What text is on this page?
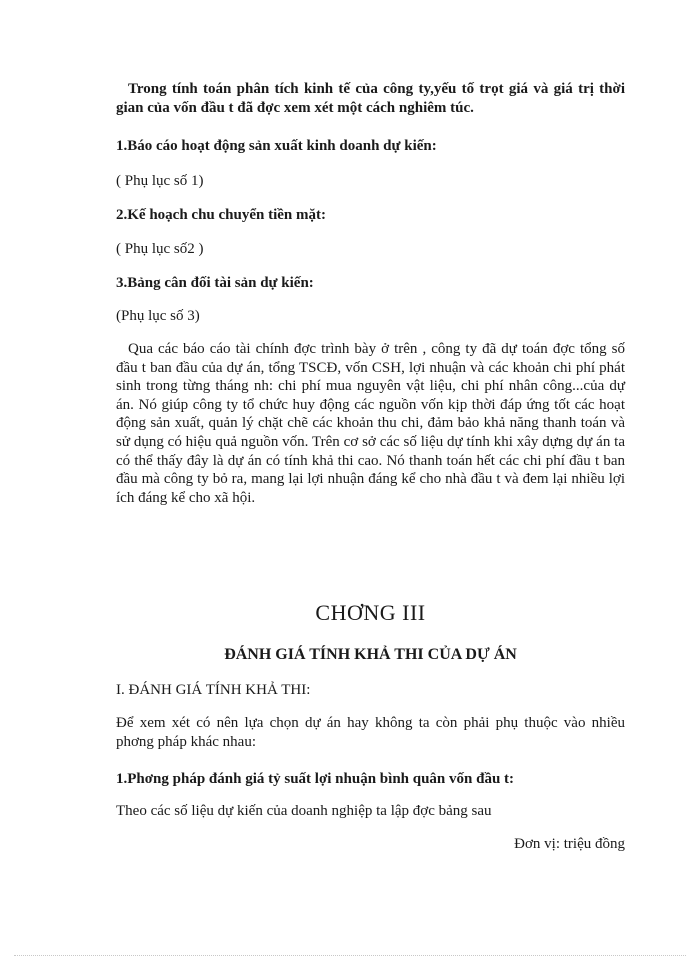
Trong tính toán phân tích kinh tế của công ty,yếu tố trọt giá và giá trị thời gian của vốn đầu t đã đợc xem xét một cách nghiêm túc.
1.Báo cáo hoạt động sản xuất kinh doanh dự kiến:
( Phụ lục số 1)
2.Kế hoạch chu chuyển tiền mặt:
( Phụ lục số2 )
3.Bảng cân đối tài sản dự kiến:
(Phụ lục số 3)
Qua các báo cáo tài chính đợc trình bày ở trên , công ty đã dự toán đợc tổng số đầu t ban đầu của dự án, tổng TSCĐ, vốn CSH, lợi nhuận và các khoản chi phí phát sinh trong từng tháng nh: chi phí mua nguyên vật liệu, chi phí nhân công...của dự án. Nó giúp công ty tổ chức huy động các nguồn vốn kịp thời đáp ứng tốt các hoạt động sản xuất, quản lý chặt chẽ các khoản thu chi, đảm bảo khả năng thanh toán và sử dụng có hiệu quả nguồn vốn. Trên cơ sở các số liệu dự tính khi xây dựng dự án ta có thể thấy đây là dự án có tính khả thi cao. Nó thanh toán hết các chi phí đầu t ban đầu mà công ty bỏ ra, mang lại lợi nhuận đáng kể cho nhà đầu t và đem lại nhiều lợi ích đáng kể cho xã hội.
CHƠNG III
ĐÁNH GIÁ TÍNH KHẢ THI CỦA DỰ ÁN
I. ĐÁNH GIÁ TÍNH KHẢ THI:
Để xem xét có nên lựa chọn dự án hay không ta còn phải phụ thuộc vào nhiều phơng pháp khác nhau:
1.Phơng pháp đánh giá tỷ suất lợi nhuận bình quân vốn đầu t:
Theo các số liệu dự kiến của doanh nghiệp ta lập đợc bảng sau
Đơn vị: triệu đồng
